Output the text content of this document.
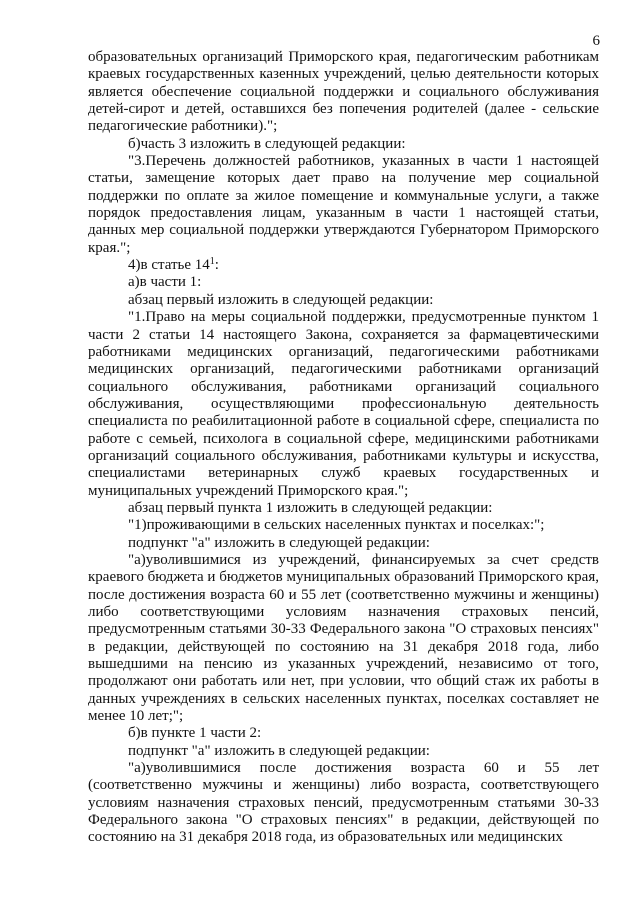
6

образовательных организаций Приморского края, педагогическим работникам краевых государственных казенных учреждений, целью деятельности которых является обеспечение социальной поддержки и социального обслуживания детей-сирот и детей, оставшихся без попечения родителей (далее - сельские педагогические работники).";

б)часть 3 изложить в следующей редакции:

"3.Перечень должностей работников, указанных в части 1 настоящей статьи, замещение которых дает право на получение мер социальной поддержки по оплате за жилое помещение и коммунальные услуги, а также порядок предоставления лицам, указанным в части 1 настоящей статьи, данных мер социальной поддержки утверждаются Губернатором Приморского края.";

4)в статье $14^1$:

а)в части 1:

абзац первый изложить в следующей редакции:

"1.Право на меры социальной поддержки, предусмотренные пунктом 1 части 2 статьи 14 настоящего Закона, сохраняется за фармацевтическими работниками медицинских организаций, педагогическими работниками медицинских организаций, педагогическими работниками организаций социального обслуживания, работниками организаций социального обслуживания, осуществляющими профессиональную деятельность специалиста по реабилитационной работе в социальной сфере, специалиста по работе с семьей, психолога в социальной сфере, медицинскими работниками организаций социального обслуживания, работниками культуры и искусства, специалистами ветеринарных служб краевых государственных и муниципальных учреждений Приморского края.";

абзац первый пункта 1 изложить в следующей редакции:

"1)проживающими в сельских населенных пунктах и поселках:";

подпункт "а" изложить в следующей редакции:

"а)уволившимися из учреждений, финансируемых за счет средств краевого бюджета и бюджетов муниципальных образований Приморского края, после достижения возраста 60 и 55 лет (соответственно мужчины и женщины) либо соответствующими условиям назначения страховых пенсий, предусмотренным статьями 30-33 Федерального закона "О страховых пенсиях" в редакции, действующей по состоянию на 31 декабря 2018 года, либо вышедшими на пенсию из указанных учреждений, независимо от того, продолжают они работать или нет, при условии, что общий стаж их работы в данных учреждениях в сельских населенных пунктах, поселках составляет не менее 10 лет;";

б)в пункте 1 части 2:

подпункт "а" изложить в следующей редакции:

"а)уволившимися после достижения возраста 60 и 55 лет (соответственно мужчины и женщины) либо возраста, соответствующего условиям назначения страховых пенсий, предусмотренным статьями 30-33 Федерального закона "О страховых пенсиях" в редакции, действующей по состоянию на 31 декабря 2018 года, из образовательных или медицинских
